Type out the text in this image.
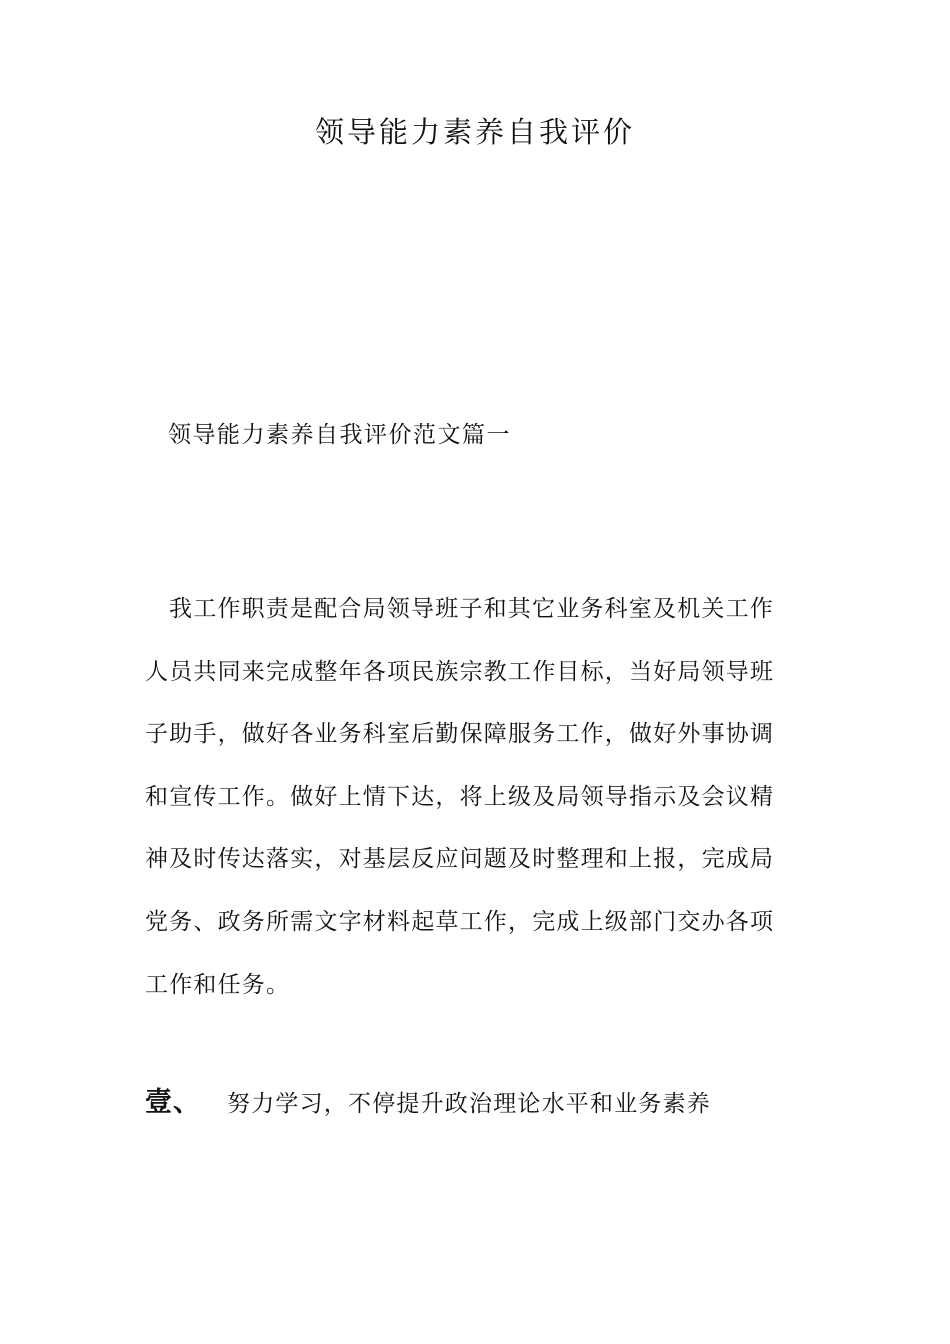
领导能力素养自我评价

领导能力素养自我评价范文篇一

我工作职责是配合局领导班子和其它业务科室及机关工作
人员共同来完成整年各项民族宗教工作目标，当好局领导班
子助手，做好各业务科室后勤保障服务工作，做好外事协调
和宣传工作。做好上情下达，将上级及局领导指示及会议精
神及时传达落实，对基层反应问题及时整理和上报，完成局
党务、政务所需文字材料起草工作，完成上级部门交办各项
工作和任务。

壹、 努力学习，不停提升政治理论水平和业务素养
